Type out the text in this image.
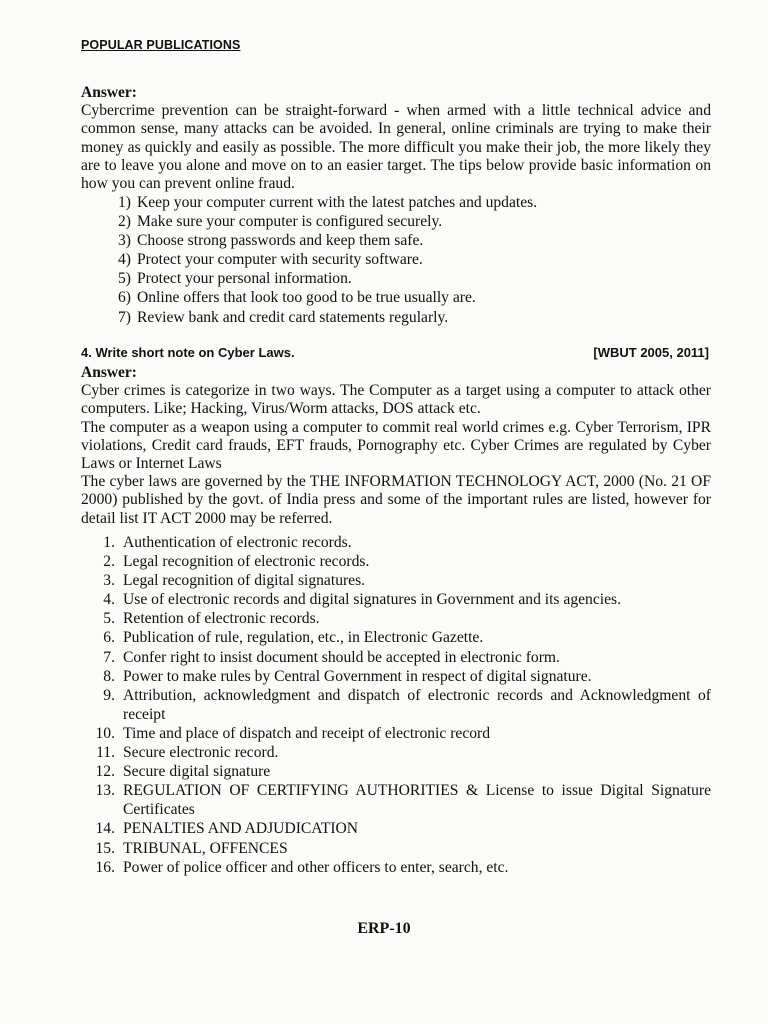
POPULAR PUBLICATIONS
Answer:
Cybercrime prevention can be straight-forward - when armed with a little technical advice and common sense, many attacks can be avoided. In general, online criminals are trying to make their money as quickly and easily as possible. The more difficult you make their job, the more likely they are to leave you alone and move on to an easier target. The tips below provide basic information on how you can prevent online fraud.
1) Keep your computer current with the latest patches and updates.
2) Make sure your computer is configured securely.
3) Choose strong passwords and keep them safe.
4) Protect your computer with security software.
5) Protect your personal information.
6) Online offers that look too good to be true usually are.
7) Review bank and credit card statements regularly.
4. Write short note on Cyber Laws.	[WBUT 2005, 2011]
Answer:
Cyber crimes is categorize in two ways. The Computer as a target using a computer to attack other computers. Like; Hacking, Virus/Worm attacks, DOS attack etc.
The computer as a weapon using a computer to commit real world crimes e.g. Cyber Terrorism, IPR violations, Credit card frauds, EFT frauds, Pornography etc. Cyber Crimes are regulated by Cyber Laws or Internet Laws
The cyber laws are governed by the THE INFORMATION TECHNOLOGY ACT, 2000 (No. 21 OF 2000) published by the govt. of India press and some of the important rules are listed, however for detail list IT ACT 2000 may be referred.
1. Authentication of electronic records.
2. Legal recognition of electronic records.
3. Legal recognition of digital signatures.
4. Use of electronic records and digital signatures in Government and its agencies.
5. Retention of electronic records.
6. Publication of rule, regulation, etc., in Electronic Gazette.
7. Confer right to insist document should be accepted in electronic form.
8. Power to make rules by Central Government in respect of digital signature.
9. Attribution, acknowledgment and dispatch of electronic records and Acknowledgment of receipt
10. Time and place of dispatch and receipt of electronic record
11. Secure electronic record.
12. Secure digital signature
13. REGULATION OF CERTIFYING AUTHORITIES & License to issue Digital Signature Certificates
14. PENALTIES AND ADJUDICATION
15. TRIBUNAL, OFFENCES
16. Power of police officer and other officers to enter, search, etc.
ERP-10
